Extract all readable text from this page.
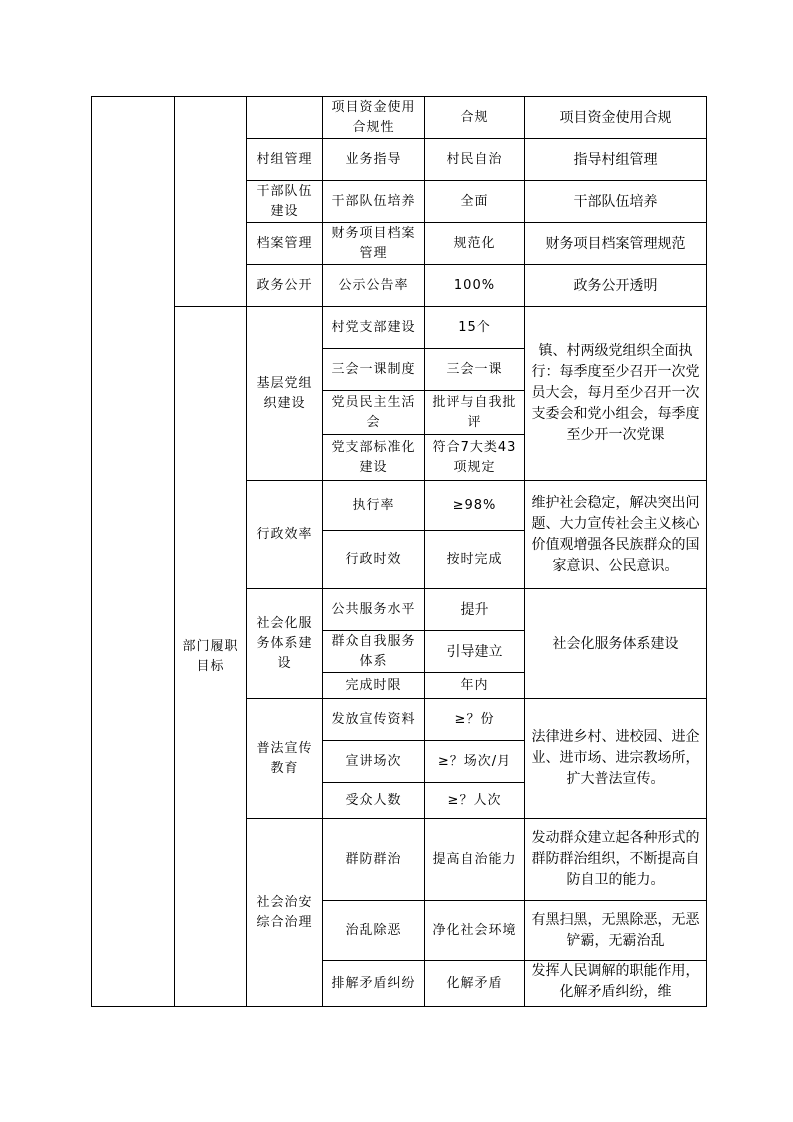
			项目资金使用合规性	合规	项目资金使用合规
		村组管理	业务指导	村民自治	指导村组管理
		干部队伍建设	干部队伍培养	全面	干部队伍培养
		档案管理	财务项目档案管理	规范化	财务项目档案管理规范
		政务公开	公示公告率	100%	政务公开透明
	部门履职目标	基层党组织建设	村党支部建设	15个	镇、村两级党组织全面执行：每季度至少召开一次党员大会，每月至少召开一次支委会和党小组会，每季度至少开一次党课
			三会一课制度	三会一课	
			党员民主生活会	批评与自我批评	
			党支部标准化建设	符合7大类43项规定	
		行政效率	执行率	≥98%	维护社会稳定，解决突出问题、大力宣传社会主义核心价值观增强各民族群众的国家意识、公民意识。
			行政时效	按时完成	
		社会化服务体系建设	公共服务水平	提升	社会化服务体系建设
			群众自我服务体系	引导建立	
			完成时限	年内	
		普法宣传教育	发放宣传资料	≥？份	法律进乡村、进校园、进企业、进市场、进宗教场所，扩大普法宣传。
			宣讲场次	≥？场次/月	
			受众人数	≥？人次	
		社会治安综合治理	群防群治	提高自治能力	发动群众建立起各种形式的群防群治组织，不断提高自防自卫的能力。
			治乱除恶	净化社会环境	有黑扫黑，无黑除恶，无恶铲霸，无霸治乱
			排解矛盾纠纷	化解矛盾	发挥人民调解的职能作用，化解矛盾纠纷，维
